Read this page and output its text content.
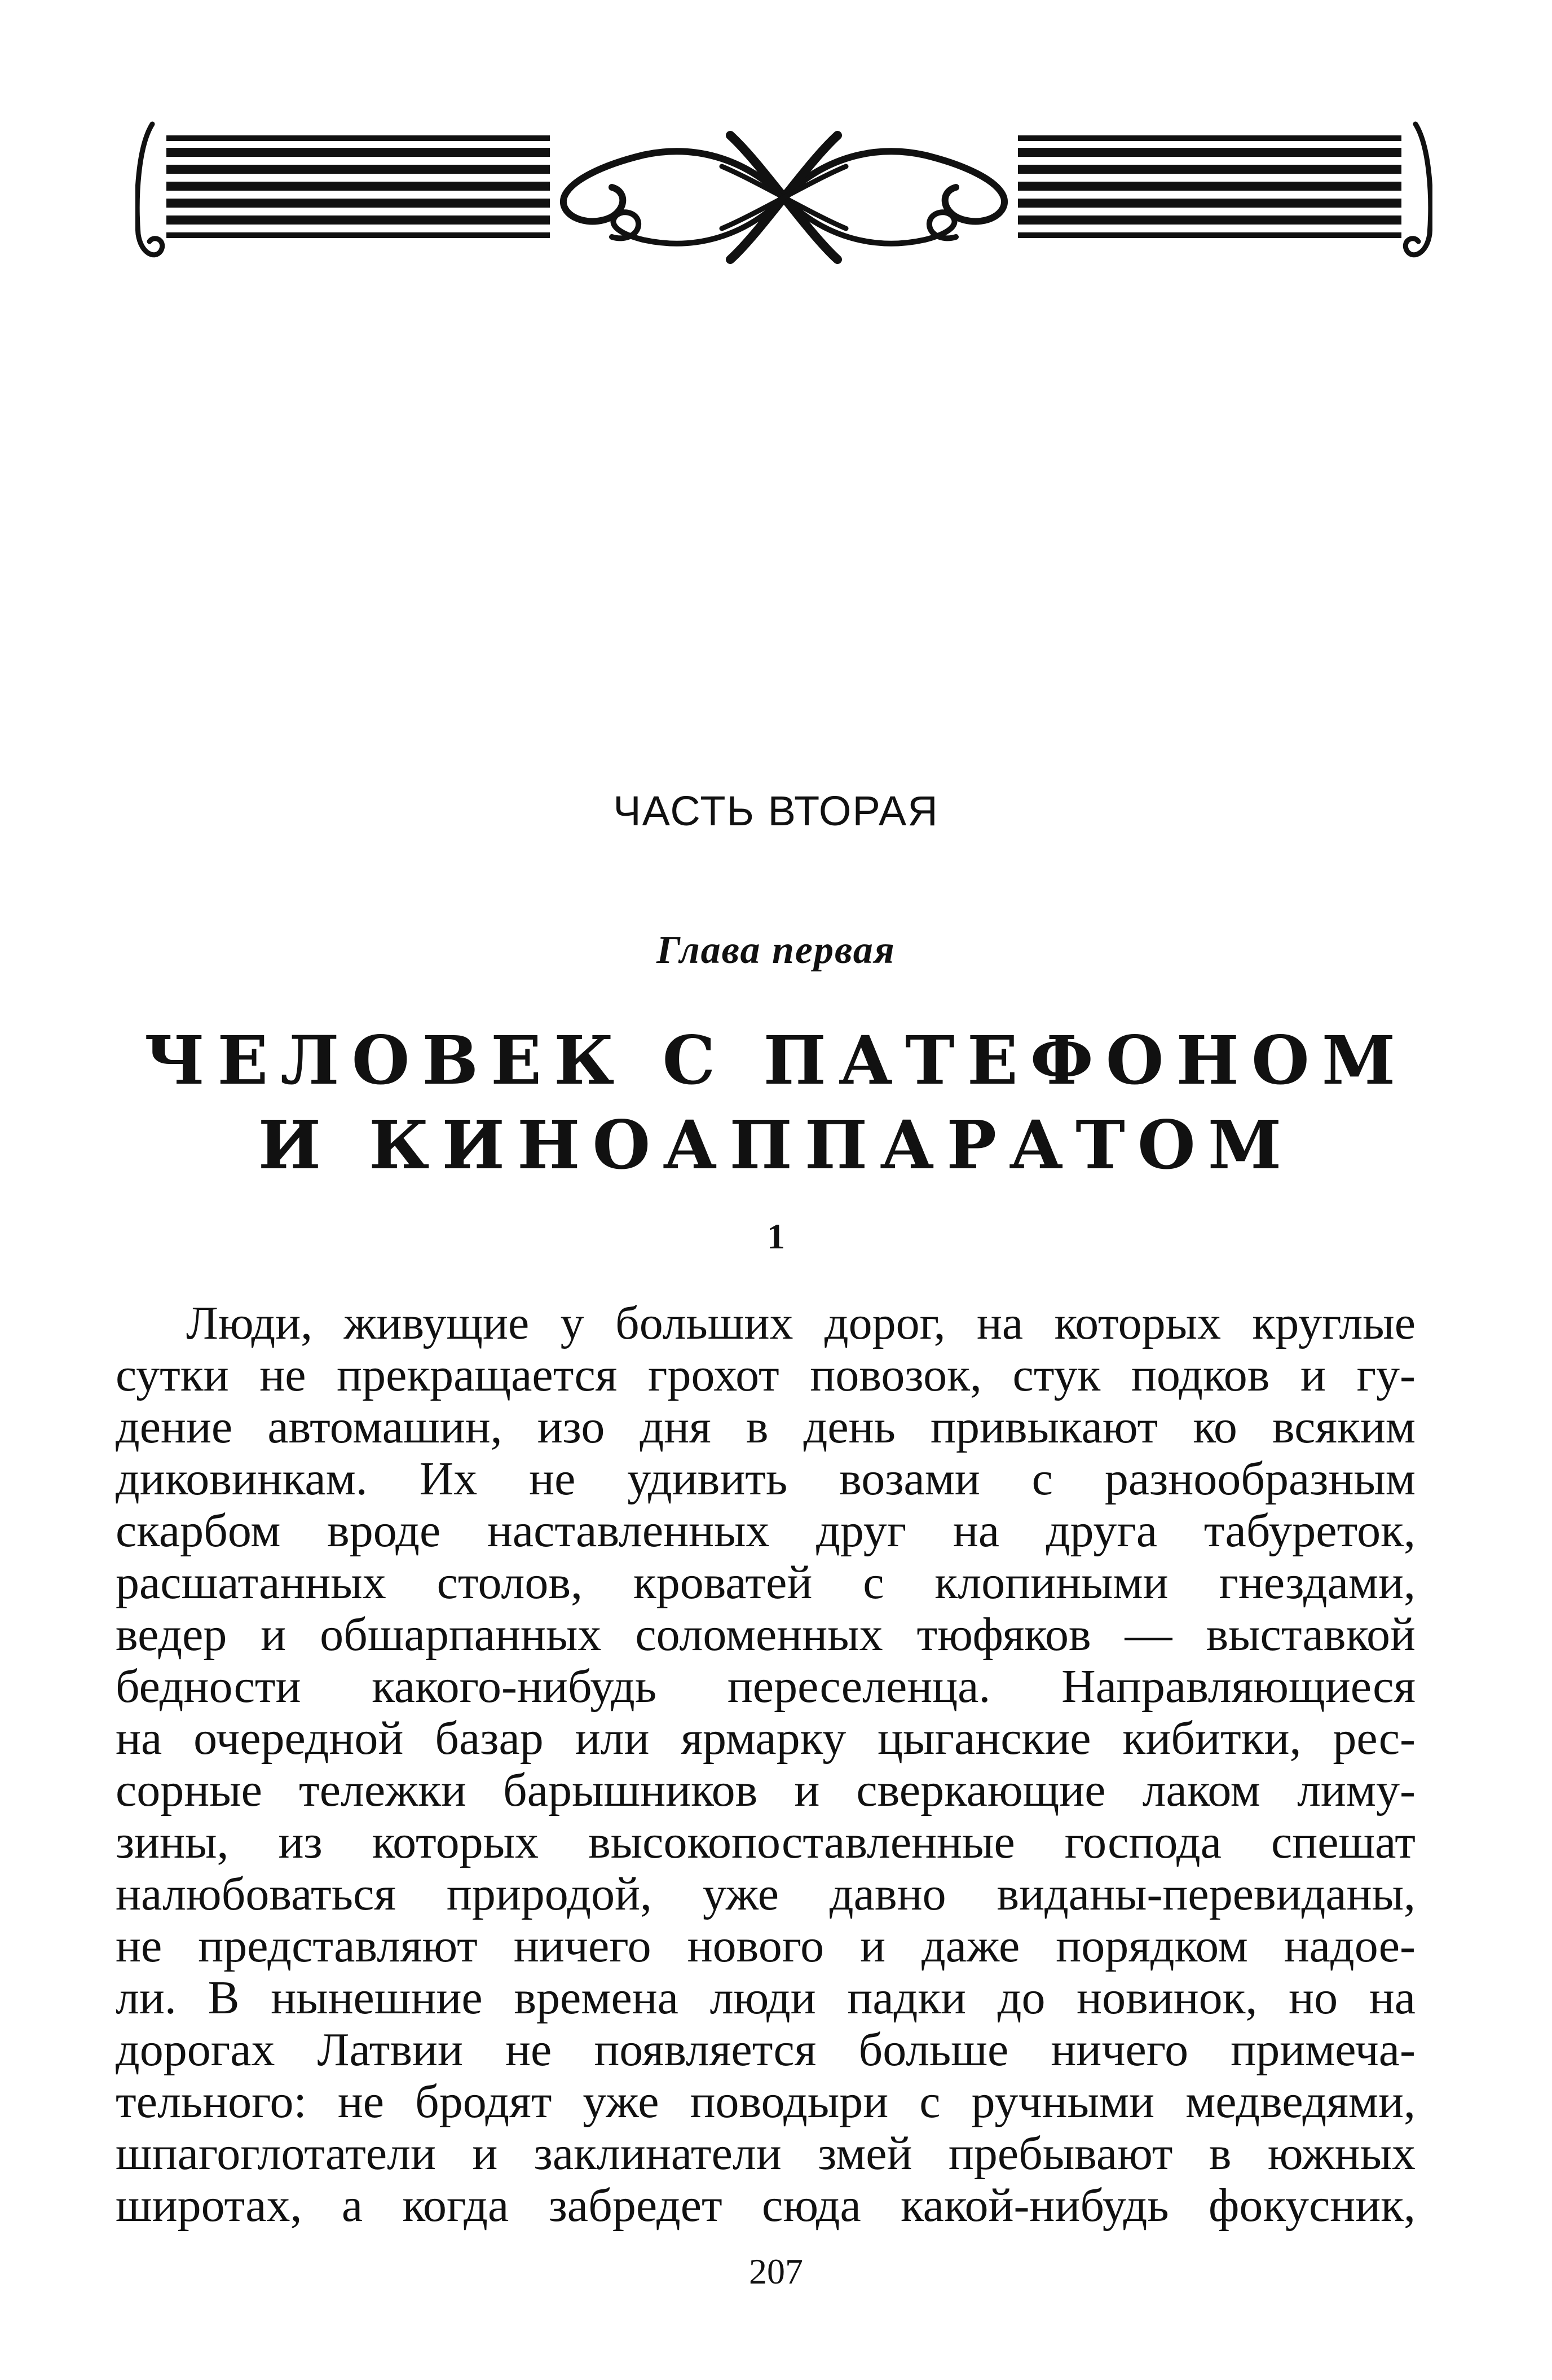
ЧАСТЬ ВТОРАЯ
Глава первая
ЧЕЛОВЕК С ПАТЕФОНОМ
И КИНОАППАРАТОМ
1
Люди, живущие у больших дорог, на которых круглые
сутки не прекращается грохот повозок, стук подков и гу-
дение автомашин, изо дня в день привыкают ко всяким
диковинкам. Их не удивить возами с разнообразным
скарбом вроде наставленных друг на друга табуреток,
расшатанных столов, кроватей с клопиными гнездами,
ведер и обшарпанных соломенных тюфяков — выставкой
бедности какого-нибудь переселенца. Направляющиеся
на очередной базар или ярмарку цыганские кибитки, рес-
сорные тележки барышников и сверкающие лаком лиму-
зины, из которых высокопоставленные господа спешат
налюбоваться природой, уже давно виданы-перевиданы,
не представляют ничего нового и даже порядком надое-
ли. В нынешние времена люди падки до новинок, но на
дорогах Латвии не появляется больше ничего примеча-
тельного: не бродят уже поводыри с ручными медведями,
шпагоглотатели и заклинатели змей пребывают в южных
широтах, а когда забредет сюда какой-нибудь фокусник,
207
